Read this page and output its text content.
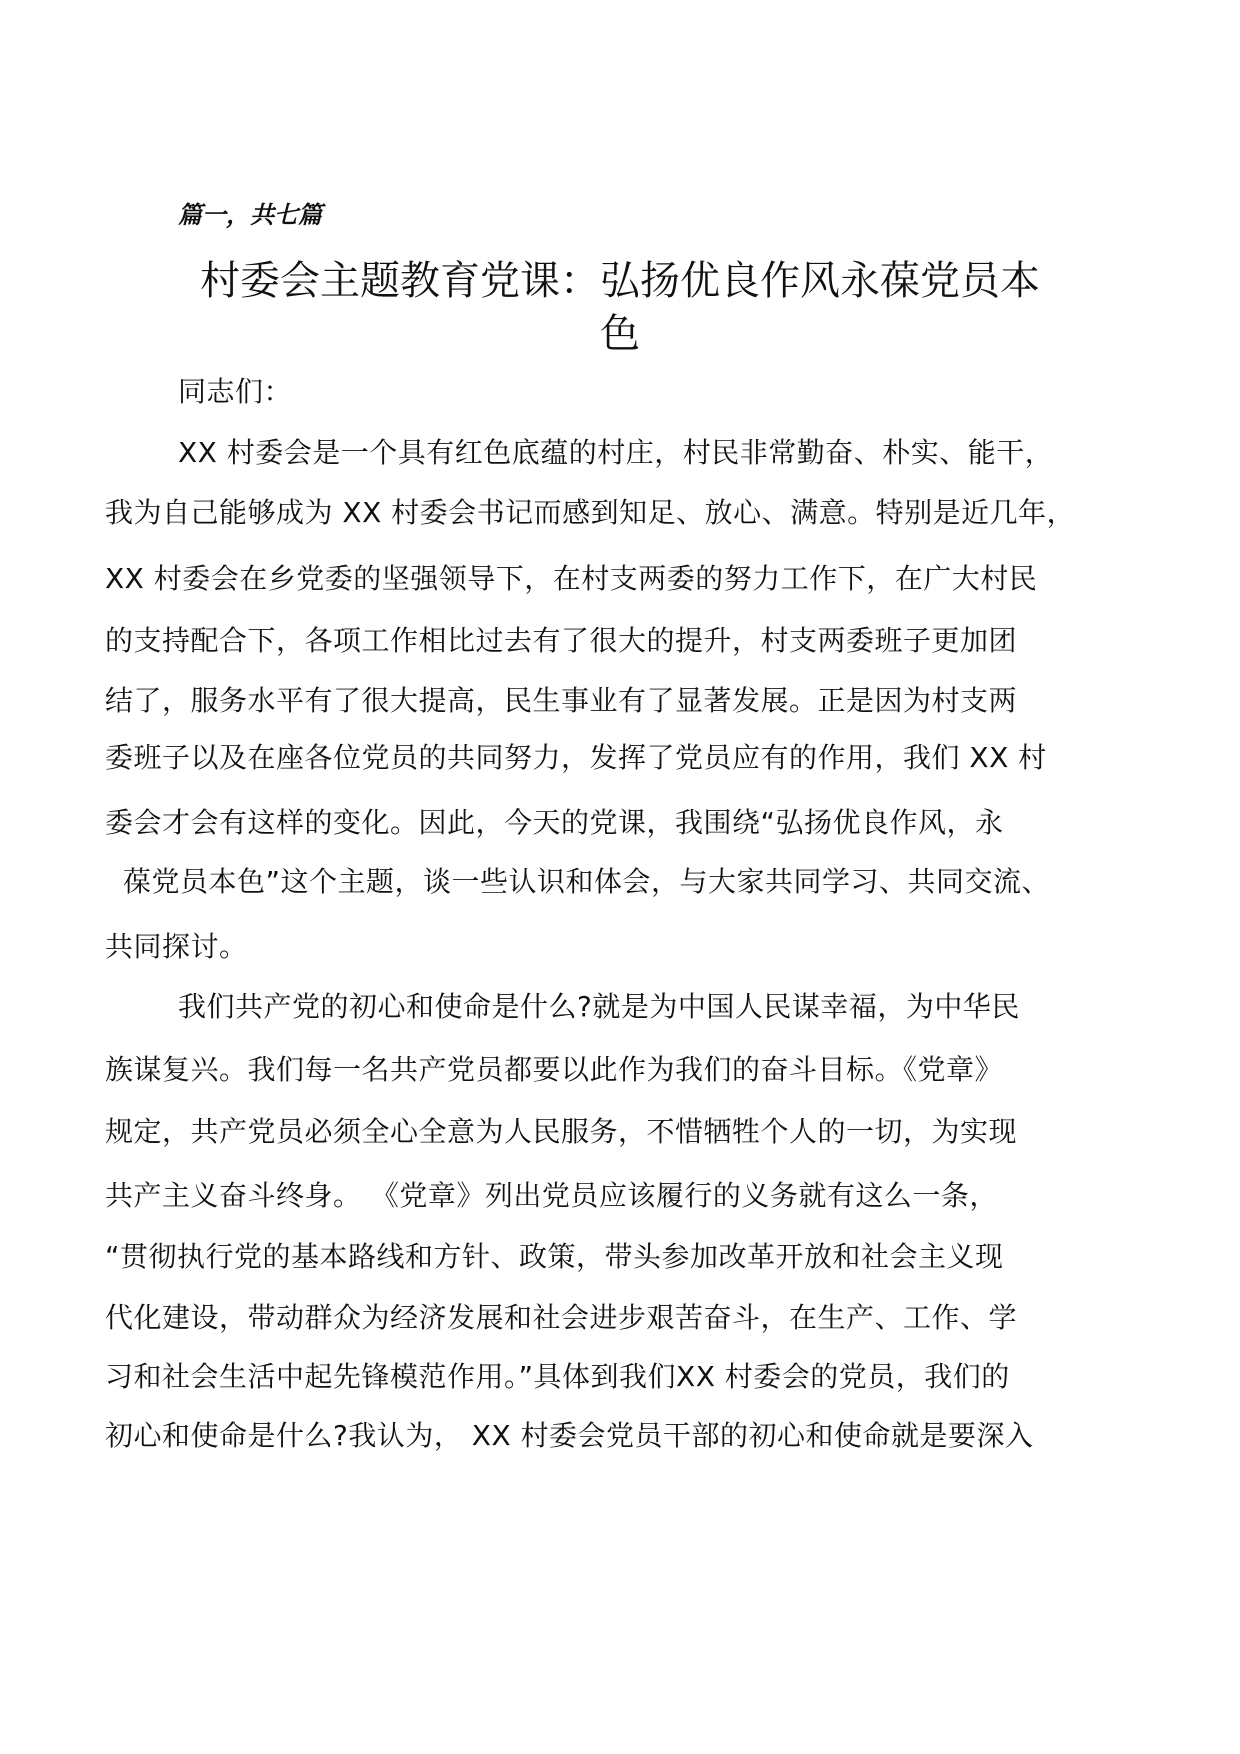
篇一，共七篇

村委会主题教育党课：弘扬优良作风永葆党员本
色

同志们：

XX 村委会是一个具有红色底蕴的村庄，村民非常勤奋、朴实、能干，

我为自己能够成为 XX 村委会书记而感到知足、放心、满意。特别是近几年，

XX 村委会在乡党委的坚强领导下，在村支两委的努力工作下，在广大村民

的支持配合下，各项工作相比过去有了很大的提升，村支两委班子更加团

结了，服务水平有了很大提高，民生事业有了显著发展。正是因为村支两

委班子以及在座各位党员的共同努力，发挥了党员应有的作用，我们 XX 村

委会才会有这样的变化。因此，今天的党课，我围绕“弘扬优良作风，永

葆党员本色”这个主题，谈一些认识和体会，与大家共同学习、共同交流、

共同探讨。

我们共产党的初心和使命是什么?就是为中国人民谋幸福，为中华民

族谋复兴。我们每一名共产党员都要以此作为我们的奋斗目标。《党章》

规定，共产党员必须全心全意为人民服务，不惜牺牲个人的一切，为实现

共产主义奋斗终身。 《党章》列出党员应该履行的义务就有这么一条，

“贯彻执行党的基本路线和方针、政策，带头参加改革开放和社会主义现

代化建设，带动群众为经济发展和社会进步艰苦奋斗，在生产、工作、学

习和社会生活中起先锋模范作用。”具体到我们XX 村委会的党员，我们的

初心和使命是什么?我认为， XX 村委会党员干部的初心和使命就是要深入
